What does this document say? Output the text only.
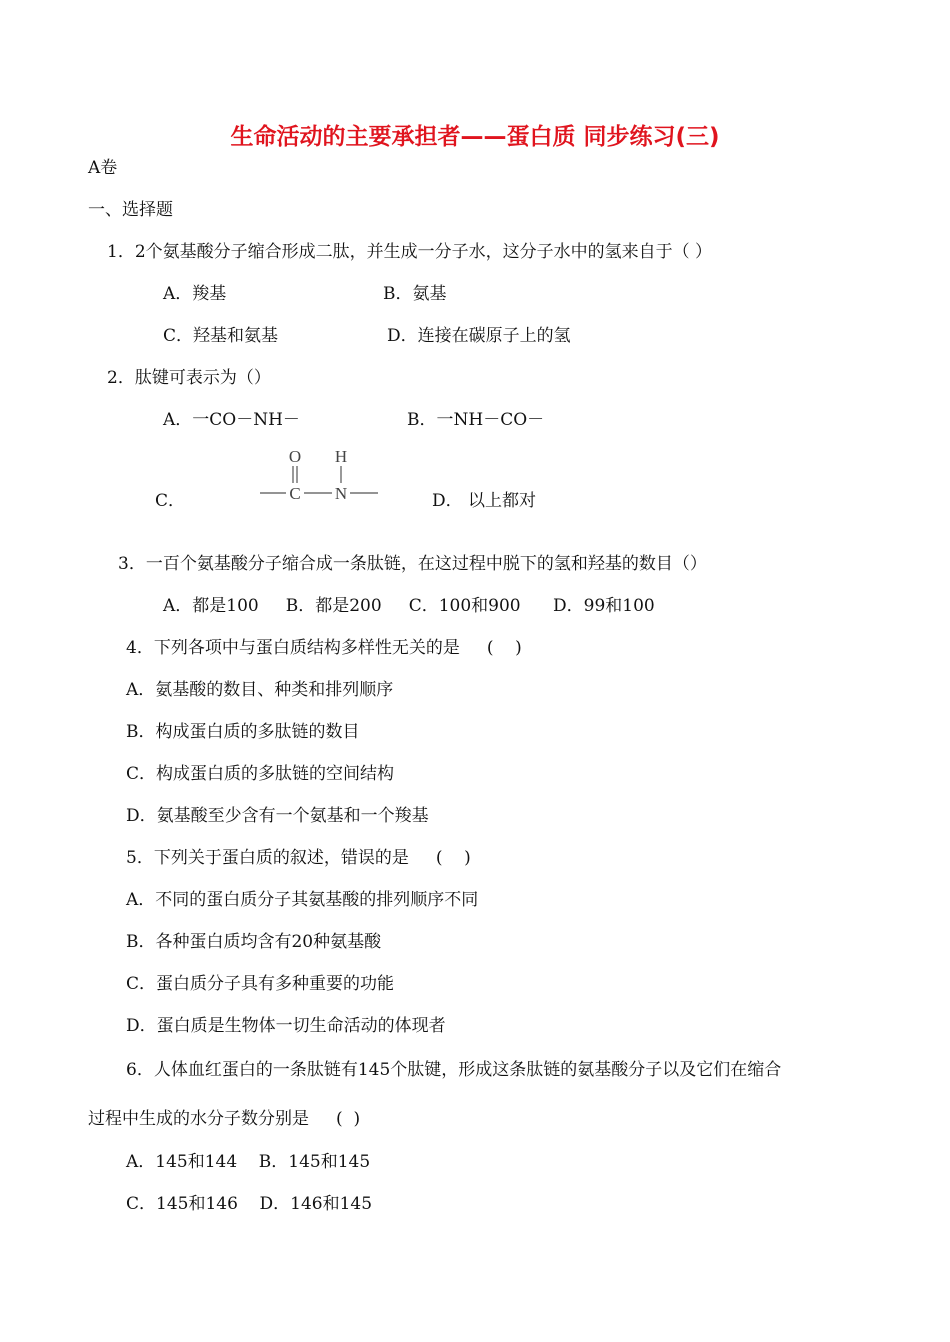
生命活动的主要承担者——蛋白质 同步练习(三)
A卷
一、选择题
1．2个氨基酸分子缩合形成二肽，并生成一分子水，这分子水中的氢来自于（ ）
A．羧基	B．氨基
C．羟基和氨基	D．连接在碳原子上的氢
2．肽键可表示为（）
A．一CO－NH－	B．一NH－CO－
C．
O H
C N	D． 以上都对
3．一百个氨基酸分子缩合成一条肽链，在这过程中脱下的氢和羟基的数目（）
A．都是100     B．都是200     C．100和900      D．99和100
4．下列各项中与蛋白质结构多样性无关的是     (    )
A．氨基酸的数目、种类和排列顺序
B．构成蛋白质的多肽链的数目
C．构成蛋白质的多肽链的空间结构
D．氨基酸至少含有一个氨基和一个羧基
5．下列关于蛋白质的叙述，错误的是     (    )
A．不同的蛋白质分子其氨基酸的排列顺序不同
B．各种蛋白质均含有20种氨基酸
C．蛋白质分子具有多种重要的功能
D．蛋白质是生物体一切生命活动的体现者
6．人体血红蛋白的一条肽链有145个肽键，形成这条肽链的氨基酸分子以及它们在缩合
过程中生成的水分子数分别是     (  )
A．145和144    B．145和145
C．145和146    D．146和145
